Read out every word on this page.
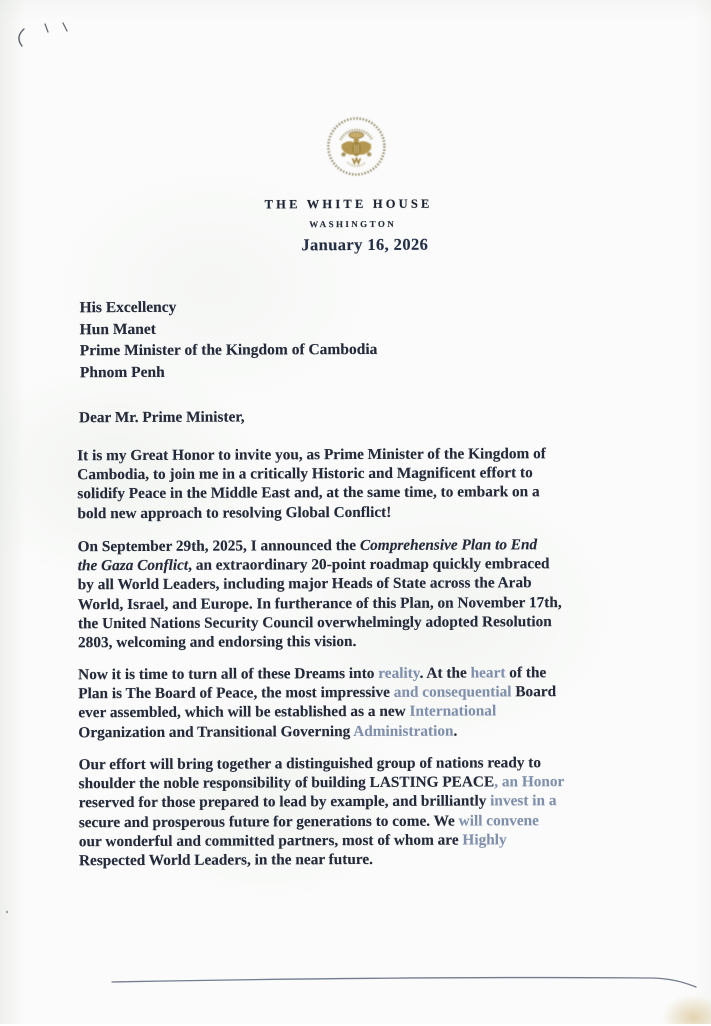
THE WHITE HOUSE
WASHINGTON
January 16, 2026
His Excellency
Hun Manet
Prime Minister of the Kingdom of Cambodia
Phnom Penh
Dear Mr. Prime Minister,
It is my Great Honor to invite you, as Prime Minister of the Kingdom of
Cambodia, to join me in a critically Historic and Magnificent effort to
solidify Peace in the Middle East and, at the same time, to embark on a
bold new approach to resolving Global Conflict!
On September 29th, 2025, I announced the Comprehensive Plan to End
the Gaza Conflict, an extraordinary 20-point roadmap quickly embraced
by all World Leaders, including major Heads of State across the Arab
World, Israel, and Europe. In furtherance of this Plan, on November 17th,
the United Nations Security Council overwhelmingly adopted Resolution
2803, welcoming and endorsing this vision.
Now it is time to turn all of these Dreams into reality. At the heart of the
Plan is The Board of Peace, the most impressive and consequential Board
ever assembled, which will be established as a new International
Organization and Transitional Governing Administration.
Our effort will bring together a distinguished group of nations ready to
shoulder the noble responsibility of building LASTING PEACE, an Honor
reserved for those prepared to lead by example, and brilliantly invest in a
secure and prosperous future for generations to come. We will convene
our wonderful and committed partners, most of whom are Highly
Respected World Leaders, in the near future.
